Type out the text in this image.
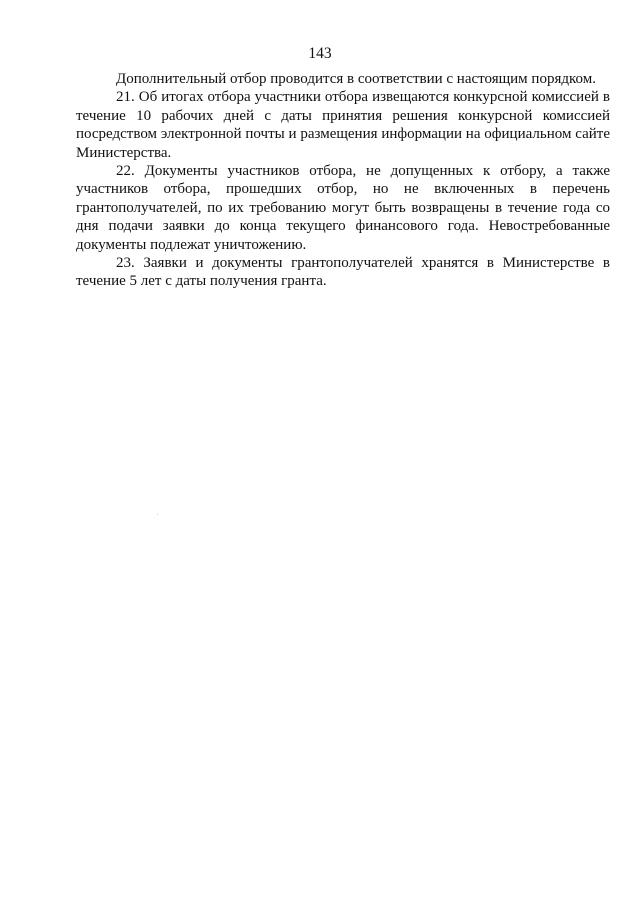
143

Дополнительный отбор проводится в соответствии с настоящим порядком.

21. Об итогах отбора участники отбора извещаются конкурсной комиссией в течение 10 рабочих дней с даты принятия решения конкурсной комиссией посредством электронной почты и размещения информации на официальном сайте Министерства.

22. Документы участников отбора, не допущенных к отбору, а также участников отбора, прошедших отбор, но не включенных в перечень грантополучателей, по их требованию могут быть возвращены в течение года со дня подачи заявки до конца текущего финансового года. Невостребованные документы подлежат уничтожению.

23. Заявки и документы грантополучателей хранятся в Министерстве в течение 5 лет с даты получения гранта.
